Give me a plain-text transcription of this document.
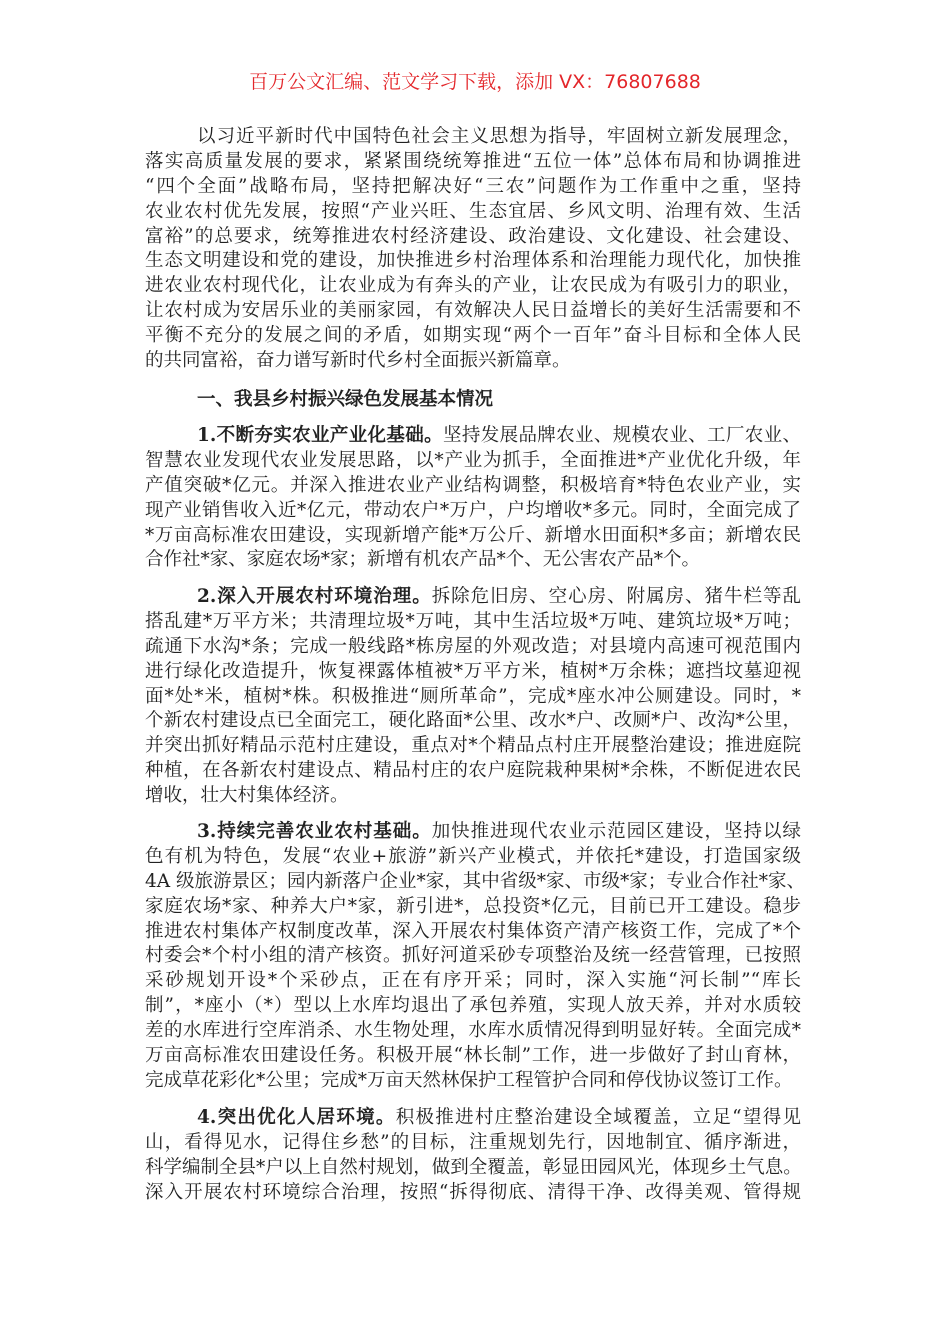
百万公文汇编、范文学习下载，添加 VX：76807688
以习近平新时代中国特色社会主义思想为指导，牢固树立新发展理念，
落实高质量发展的要求，紧紧围绕统筹推进“五位一体”总体布局和协调推进
“四个全面”战略布局，坚持把解决好“三农”问题作为工作重中之重，坚持
农业农村优先发展，按照“产业兴旺、生态宜居、乡风文明、治理有效、生活
富裕”的总要求，统筹推进农村经济建设、政治建设、文化建设、社会建设、
生态文明建设和党的建设，加快推进乡村治理体系和治理能力现代化，加快推
进农业农村现代化，让农业成为有奔头的产业，让农民成为有吸引力的职业，
让农村成为安居乐业的美丽家园，有效解决人民日益增长的美好生活需要和不
平衡不充分的发展之间的矛盾，如期实现“两个一百年”奋斗目标和全体人民
的共同富裕，奋力谱写新时代乡村全面振兴新篇章。
一、我县乡村振兴绿色发展基本情况
1.不断夯实农业产业化基础。坚持发展品牌农业、规模农业、工厂农业、
智慧农业发现代农业发展思路，以*产业为抓手，全面推进*产业优化升级，年
产值突破*亿元。并深入推进农业产业结构调整，积极培育*特色农业产业，实
现产业销售收入近*亿元，带动农户*万户，户均增收*多元。同时，全面完成了
*万亩高标准农田建设，实现新增产能*万公斤、新增水田面积*多亩；新增农民
合作社*家、家庭农场*家；新增有机农产品*个、无公害农产品*个。
2.深入开展农村环境治理。拆除危旧房、空心房、附属房、猪牛栏等乱
搭乱建*万平方米；共清理垃圾*万吨，其中生活垃圾*万吨、建筑垃圾*万吨；
疏通下水沟*条；完成一般线路*栋房屋的外观改造；对县境内高速可视范围内
进行绿化改造提升，恢复裸露体植被*万平方米，植树*万余株；遮挡坟墓迎视
面*处*米，植树*株。积极推进“厕所革命”，完成*座水冲公厕建设。同时，*
个新农村建设点已全面完工，硬化路面*公里、改水*户、改厕*户、改沟*公里，
并突出抓好精品示范村庄建设，重点对*个精品点村庄开展整治建设；推进庭院
种植，在各新农村建设点、精品村庄的农户庭院栽种果树*余株，不断促进农民
增收，壮大村集体经济。
3.持续完善农业农村基础。加快推进现代农业示范园区建设，坚持以绿
色有机为特色，发展“农业+旅游”新兴产业模式，并依托*建设，打造国家级
4A 级旅游景区；园内新落户企业*家，其中省级*家、市级*家；专业合作社*家、
家庭农场*家、种养大户*家，新引进*，总投资*亿元，目前已开工建设。稳步
推进农村集体产权制度改革，深入开展农村集体资产清产核资工作，完成了*个
村委会*个村小组的清产核资。抓好河道采砂专项整治及统一经营管理，已按照
采砂规划开设*个采砂点，正在有序开采；同时，深入实施“河长制”“库长
制”，*座小（*）型以上水库均退出了承包养殖，实现人放天养，并对水质较
差的水库进行空库消杀、水生物处理，水库水质情况得到明显好转。全面完成*
万亩高标准农田建设任务。积极开展“林长制”工作，进一步做好了封山育林，
完成草花彩化*公里；完成*万亩天然林保护工程管护合同和停伐协议签订工作。
4.突出优化人居环境。积极推进村庄整治建设全域覆盖，立足“望得见
山，看得见水，记得住乡愁”的目标，注重规划先行，因地制宜、循序渐进，
科学编制全县*户以上自然村规划，做到全覆盖，彰显田园风光，体现乡土气息。
深入开展农村环境综合治理，按照“拆得彻底、清得干净、改得美观、管得规
